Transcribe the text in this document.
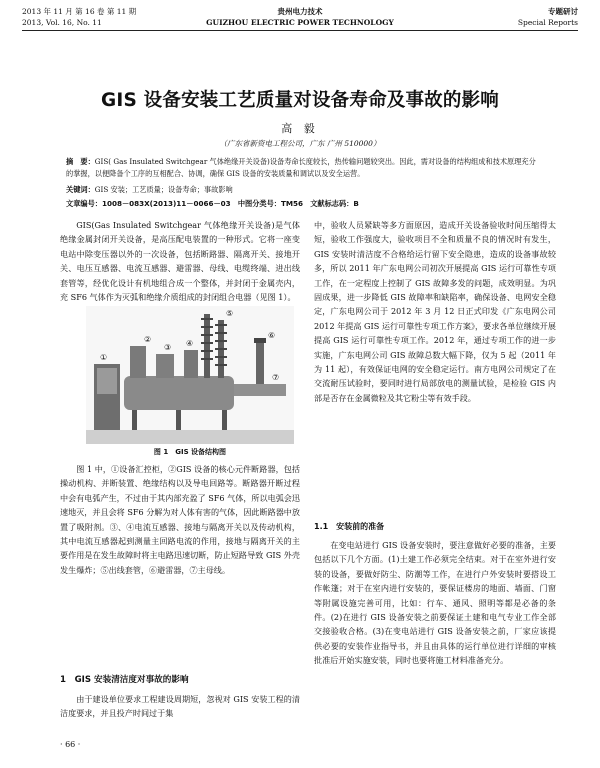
2013 年 11 月 第 16 卷 第 11 期	贵州电力技术	专题研讨
2013, Vol. 16, No. 11	GUIZHOU ELECTRIC POWER TECHNOLOGY	Special Reports
GIS 设备安装工艺质量对设备寿命及事故的影响
高 毅
（广东省新资电工程公司，广东 广州 510000）
摘　要：GIS( Gas Insulated Switchgear 气体绝缘开关设备)设备寿命长度较长，热传输问题较突出。因此，需对设备的结构组成和技术原理充分的掌握，以便降备个工序的互相配合、协调，确保 GIS 设备的安装质量和调试以及安全运营。
关键词：GIS 安装；工艺质量；设备寿命；事故影响
文章编号：1008－083X(2013)11－0066－03　中图分类号：TM56　文献标志码：B

GIS(Gas Insulated Switchgear 气体绝缘开关设备)是气体绝缘金属封闭开关设备，是高压配电装置的一种形式。它将一座变电站中除变压器以外的一次设备，包括断路器、隔离开关、接地开关、电压互感器、电流互感器、避雷器、母线、电缆终端、进出线套管等，经优化设计有机地组合成一个整体，并封闭于金属壳内，充 SF6 气体作为灭弧和绝缘介质组成的封闭组合电器（见图 1）。

①
②
③ ④
⑤
⑥
⑦
图 1　GIS 设备结构图

图 1 中，①设备汇控柜，②GIS 设备的核心元件断路器，包括操动机构、并断装置、绝缘结构以及导电回路等。断路器开断过程中会有电弧产生，不过由于其内部充盈了 SF6 气体，所以电弧会迅速地灭，并且会将 SF6 分解为对人体有害的气体，因此断路器中放置了吸附剂。③、④电流互感器、接地与隔离开关以及传动机构，其中电流互感器起到测量主回路电流的作用，接地与隔离开关的主要作用是在发生故障时将主电路迅速切断，防止短路导致 GIS 外壳发生爆炸；⑤出线套管，⑥避雷器，⑦主母线。

1　GIS 安装清洁度对事故的影响

由于建设单位要求工程建设周期短，忽视对 GIS 安装工程的清洁度要求，并且投产时间过于集

· 66 ·

中，验收人员紧缺等多方面原因，造成开关设备验收时间压缩得太短，验收工作强度大，验收项目不全和质量不良的情况时有发生，GIS 安装时清洁度不合格给运行留下安全隐患，造成的设备事故较多，所以 2011 年广东电网公司初次开展提高 GIS 运行可靠性专项工作，在一定程度上控制了 GIS 故障多发的问题，成效明显。为巩固成果，进一步降低 GIS 故障率和缺陷率，确保设备、电网安全稳定，广东电网公司于 2012 年 3 月 12 日正式印发《广东电网公司 2012 年提高 GIS 运行可靠性专项工作方案》，要求各单位继续开展提高 GIS 运行可靠性专项工作。2012 年，通过专项工作的进一步实施，广东电网公司 GIS 故障总数大幅下降，仅为 5 起（2011 年为 11 起），有效保证电网的安全稳定运行。南方电网公司规定了在交流耐压试验时，要同时进行局部放电的测量试验，是检验 GIS 内部是否存在金属微粒及其它粉尘等有效手段。

1.1　安装前的准备

在变电站进行 GIS 设备安装时，要注意做好必要的准备，主要包括以下几个方面。(1)土建工作必须完全结束。对于在室外进行安装的设备，要做好防尘、防潮等工作，在进行户外安装时要搭设工作帐篷；对于在室内进行安装的，要保证楼房的地面、墙面、门窗等附属设施完善可用，比如：行车、通风、照明等都是必备的条件。(2)在进行 GIS 设备安装之前要保证土建和电气专业工作全部交接验收合格。(3)在变电站进行 GIS 设备安装之前，厂家应该提供必要的安装作业指导书，并且由具体的运行单位进行详细的审核批准后开始实施安装，同时也要将施工材料准备充分。
